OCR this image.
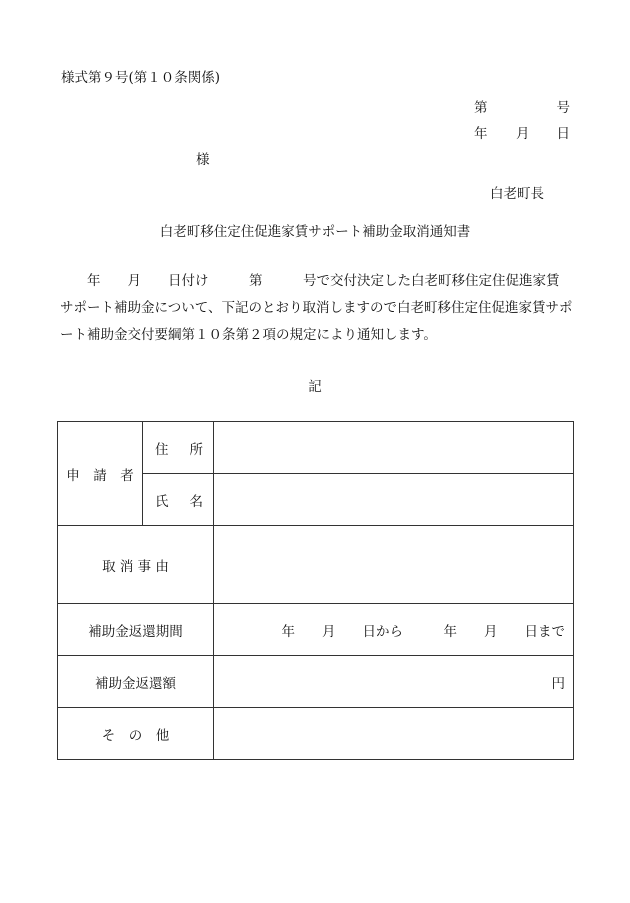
様式第９号(第１０条関係)
第	号
年 月 日
様
白老町長
白老町移住定住促進家賃サポート補助金取消通知書
　　年　　月　　日付け　　　第　　　号で交付決定した白老町移住定住促進家賃
サポート補助金について、下記のとおり取消しますので白老町移住定住促進家賃サポ
ート補助金交付要綱第１０条第２項の規定により通知します。
記
申　請　者	住 所	

	氏 名	

取 消 事 由		
補助金返還期間		年　　月　　日から　　　年　　月　　日まで

補助金返還額		円
そ　の　他		
